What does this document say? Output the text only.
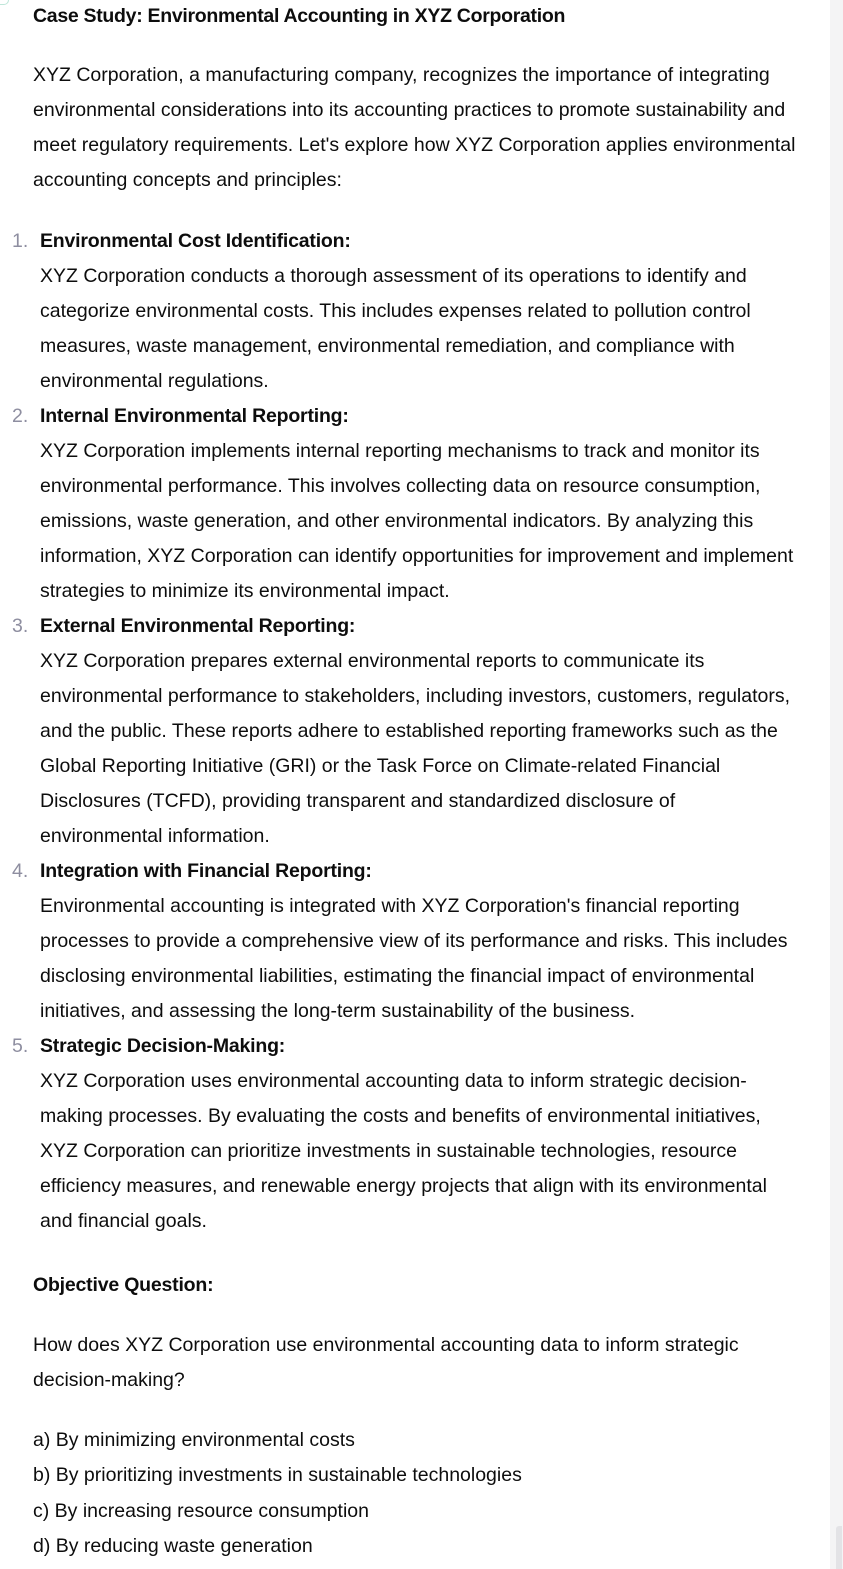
Case Study: Environmental Accounting in XYZ Corporation

XYZ Corporation, a manufacturing company, recognizes the importance of integrating environmental considerations into its accounting practices to promote sustainability and meet regulatory requirements. Let's explore how XYZ Corporation applies environmental accounting concepts and principles:

1. Environmental Cost Identification:
XYZ Corporation conducts a thorough assessment of its operations to identify and categorize environmental costs. This includes expenses related to pollution control measures, waste management, environmental remediation, and compliance with environmental regulations.
2. Internal Environmental Reporting:
XYZ Corporation implements internal reporting mechanisms to track and monitor its environmental performance. This involves collecting data on resource consumption, emissions, waste generation, and other environmental indicators. By analyzing this information, XYZ Corporation can identify opportunities for improvement and implement strategies to minimize its environmental impact.
3. External Environmental Reporting:
XYZ Corporation prepares external environmental reports to communicate its environmental performance to stakeholders, including investors, customers, regulators, and the public. These reports adhere to established reporting frameworks such as the Global Reporting Initiative (GRI) or the Task Force on Climate-related Financial Disclosures (TCFD), providing transparent and standardized disclosure of environmental information.
4. Integration with Financial Reporting:
Environmental accounting is integrated with XYZ Corporation's financial reporting processes to provide a comprehensive view of its performance and risks. This includes disclosing environmental liabilities, estimating the financial impact of environmental initiatives, and assessing the long-term sustainability of the business.
5. Strategic Decision-Making:
XYZ Corporation uses environmental accounting data to inform strategic decision-making processes. By evaluating the costs and benefits of environmental initiatives, XYZ Corporation can prioritize investments in sustainable technologies, resource efficiency measures, and renewable energy projects that align with its environmental and financial goals.
Objective Question:

How does XYZ Corporation use environmental accounting data to inform strategic decision-making?

a) By minimizing environmental costs
b) By prioritizing investments in sustainable technologies
c) By increasing resource consumption
d) By reducing waste generation
